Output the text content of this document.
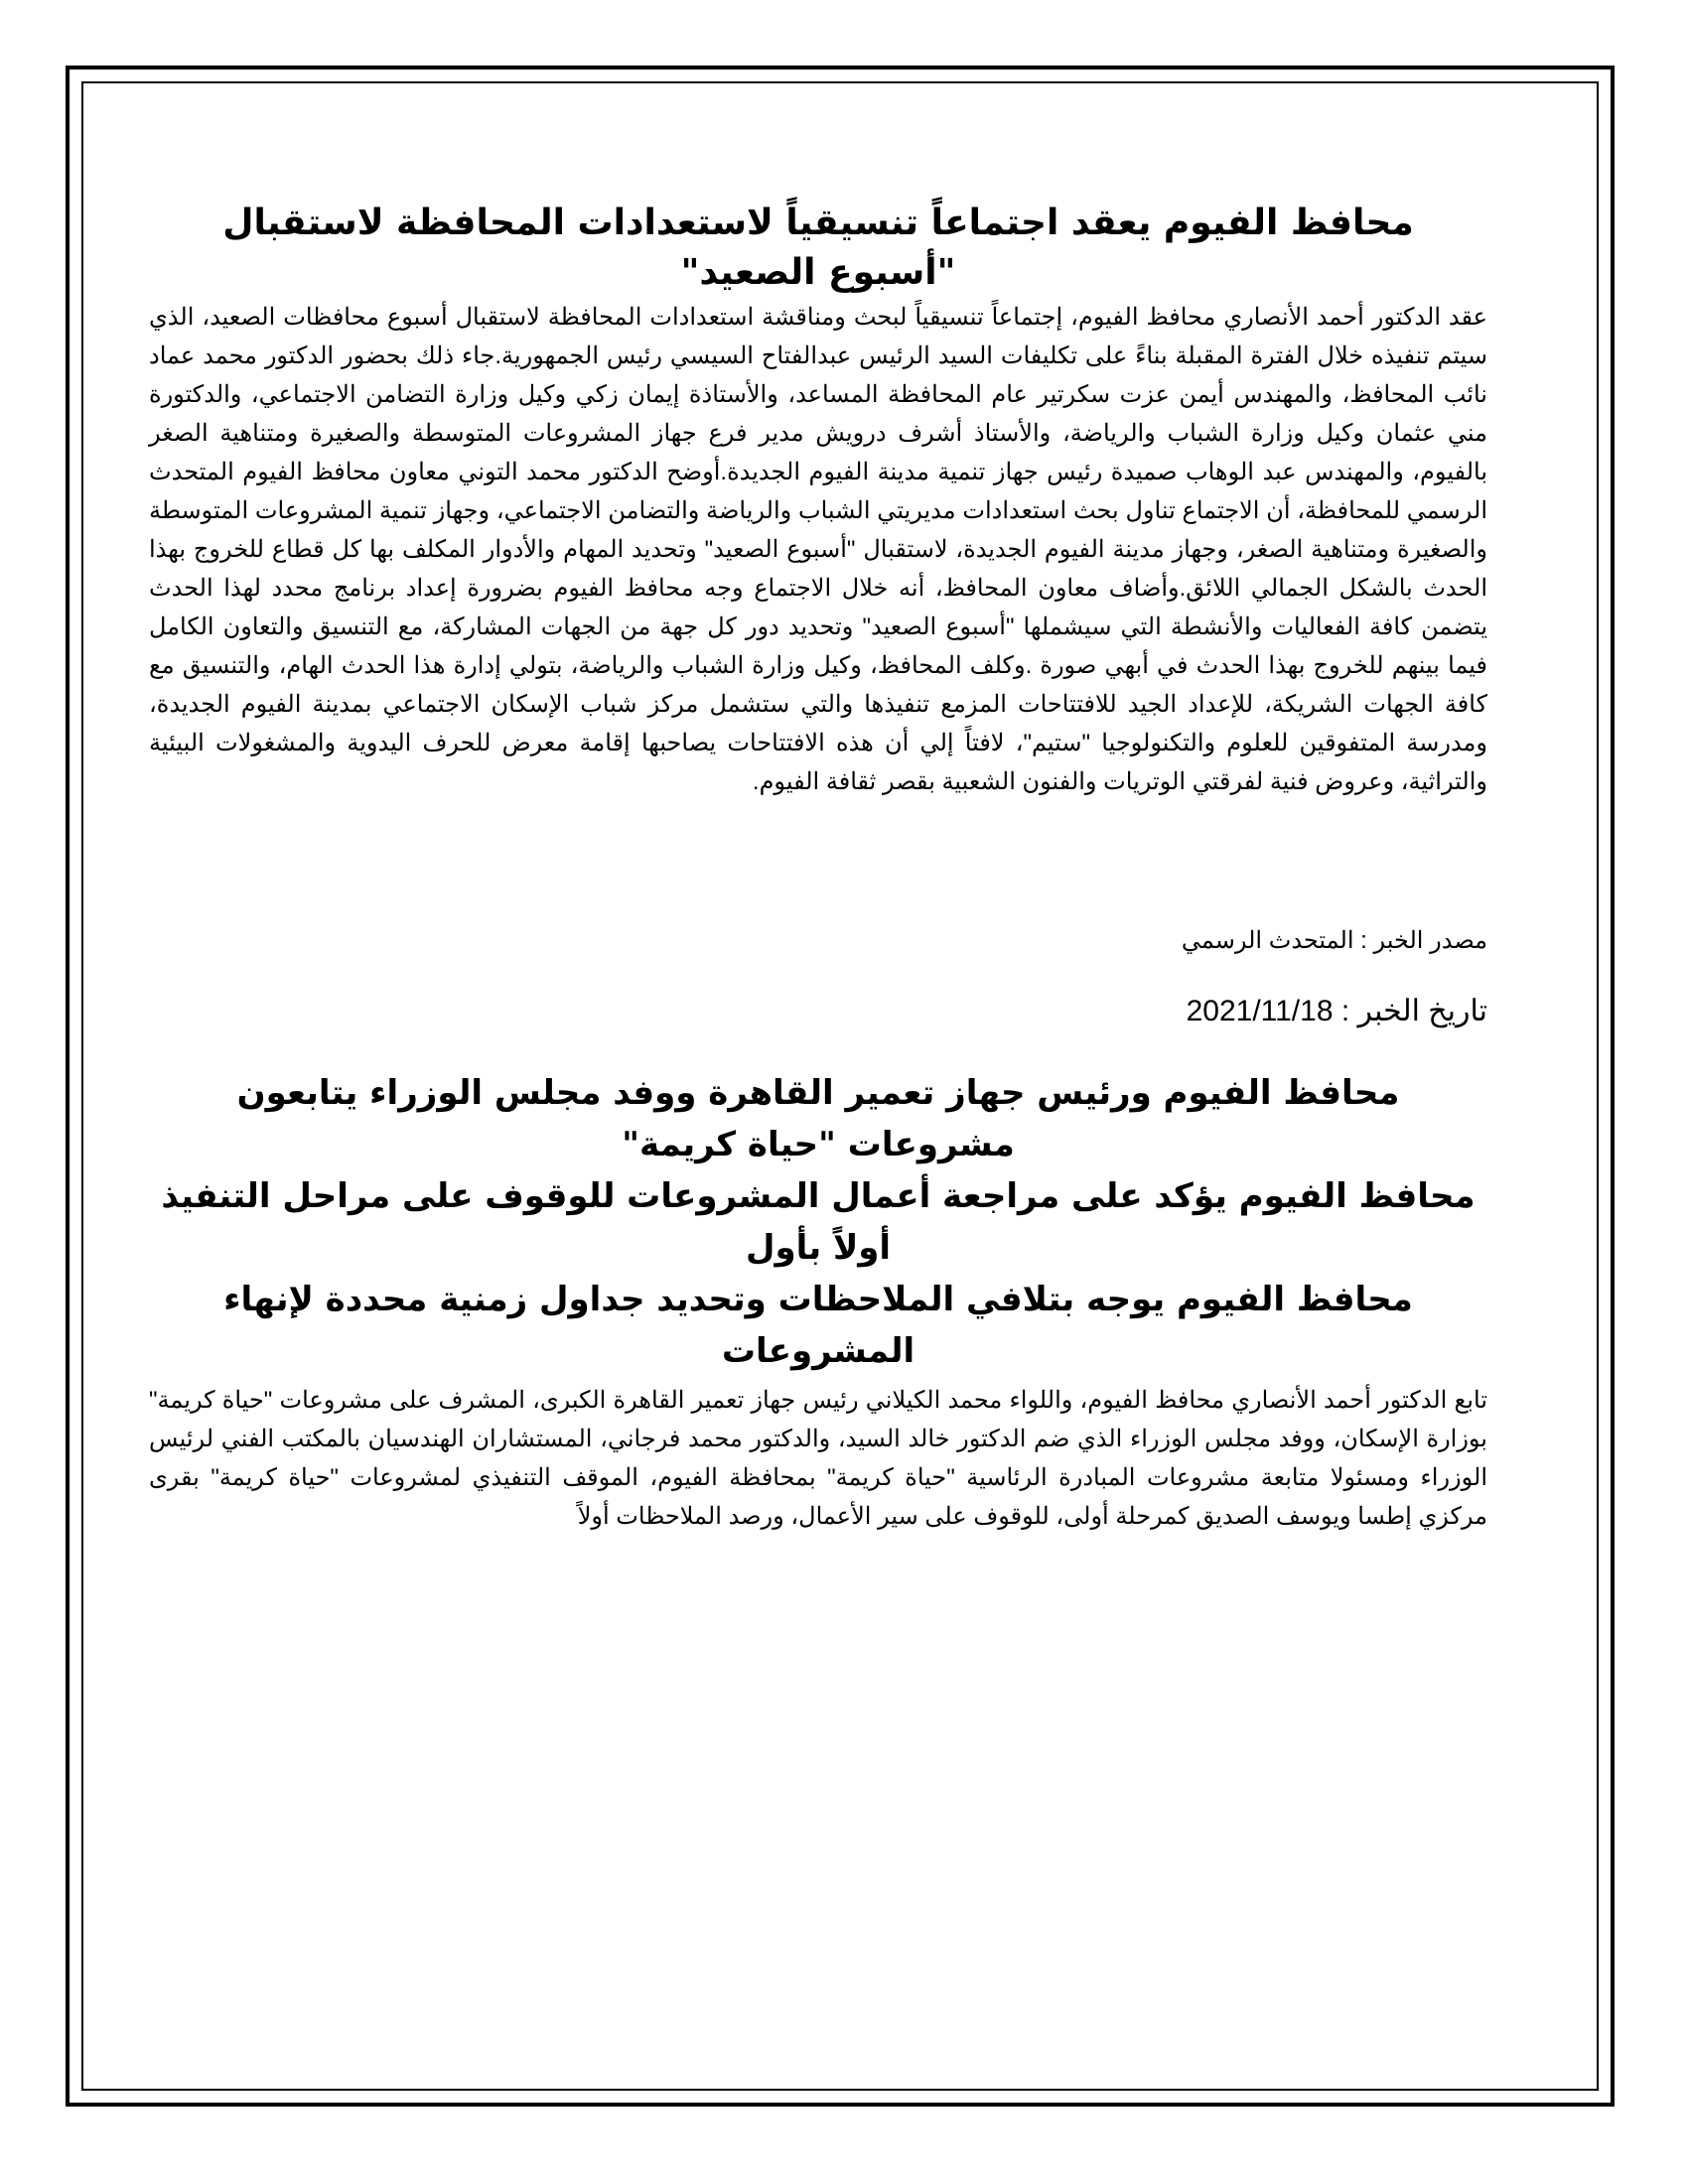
محافظ الفيوم يعقد اجتماعاً تنسيقياً لاستعدادات المحافظة لاستقبال "أسبوع الصعيد"

عقد الدكتور أحمد الأنصاري محافظ الفيوم، إجتماعاً تنسيقياً لبحث ومناقشة استعدادات المحافظة لاستقبال أسبوع محافظات الصعيد، الذي سيتم تنفيذه خلال الفترة المقبلة بناءً على تكليفات السيد الرئيس عبدالفتاح السيسي رئيس الجمهورية.جاء ذلك بحضور الدكتور محمد عماد نائب المحافظ، والمهندس أيمن عزت سكرتير عام المحافظة المساعد، والأستاذة إيمان زكي وكيل وزارة التضامن الاجتماعي، والدكتورة مني عثمان وكيل وزارة الشباب والرياضة، والأستاذ أشرف درويش مدير فرع جهاز المشروعات المتوسطة والصغيرة ومتناهية الصغر بالفيوم، والمهندس عبد الوهاب صميدة رئيس جهاز تنمية مدينة الفيوم الجديدة.أوضح الدكتور محمد التوني معاون محافظ الفيوم المتحدث الرسمي للمحافظة، أن الاجتماع تناول بحث استعدادات مديريتي الشباب والرياضة والتضامن الاجتماعي، وجهاز تنمية المشروعات المتوسطة والصغيرة ومتناهية الصغر، وجهاز مدينة الفيوم الجديدة، لاستقبال "أسبوع الصعيد" وتحديد المهام والأدوار المكلف بها كل قطاع للخروج بهذا الحدث بالشكل الجمالي اللائق.وأضاف معاون المحافظ، أنه خلال الاجتماع وجه محافظ الفيوم بضرورة إعداد برنامج محدد لهذا الحدث يتضمن كافة الفعاليات والأنشطة التي سيشملها "أسبوع الصعيد" وتحديد دور كل جهة من الجهات المشاركة، مع التنسيق والتعاون الكامل فيما بينهم للخروج بهذا الحدث في أبهي صورة .وكلف المحافظ، وكيل وزارة الشباب والرياضة، بتولي إدارة هذا الحدث الهام، والتنسيق مع كافة الجهات الشريكة، للإعداد الجيد للافتتاحات المزمع تنفيذها والتي ستشمل مركز شباب الإسكان الاجتماعي بمدينة الفيوم الجديدة، ومدرسة المتفوقين للعلوم والتكنولوجيا "ستيم"، لافتاً إلي أن هذه الافتتاحات يصاحبها إقامة معرض للحرف اليدوية والمشغولات البيئية والتراثية، وعروض فنية لفرقتي الوتريات والفنون الشعبية بقصر ثقافة الفيوم.

مصدر الخبر : المتحدث الرسمي

تاريخ الخبر : 2021/11/18

محافظ الفيوم ورئيس جهاز تعمير القاهرة ووفد مجلس الوزراء يتابعون مشروعات "حياة كريمة"
محافظ الفيوم يؤكد على مراجعة أعمال المشروعات للوقوف على مراحل التنفيذ أولاً بأول
محافظ الفيوم يوجه بتلافي الملاحظات وتحديد جداول زمنية محددة لإنهاء المشروعات

تابع الدكتور أحمد الأنصاري محافظ الفيوم، واللواء محمد الكيلاني رئيس جهاز تعمير القاهرة الكبرى، المشرف على مشروعات "حياة كريمة" بوزارة الإسكان، ووفد مجلس الوزراء الذي ضم الدكتور خالد السيد، والدكتور محمد فرجاني، المستشاران الهندسيان بالمكتب الفني لرئيس الوزراء ومسئولا متابعة مشروعات المبادرة الرئاسية "حياة كريمة" بمحافظة الفيوم، الموقف التنفيذي لمشروعات "حياة كريمة" بقرى مركزي إطسا ويوسف الصديق كمرحلة أولى، للوقوف على سير الأعمال، ورصد الملاحظات أولاً
